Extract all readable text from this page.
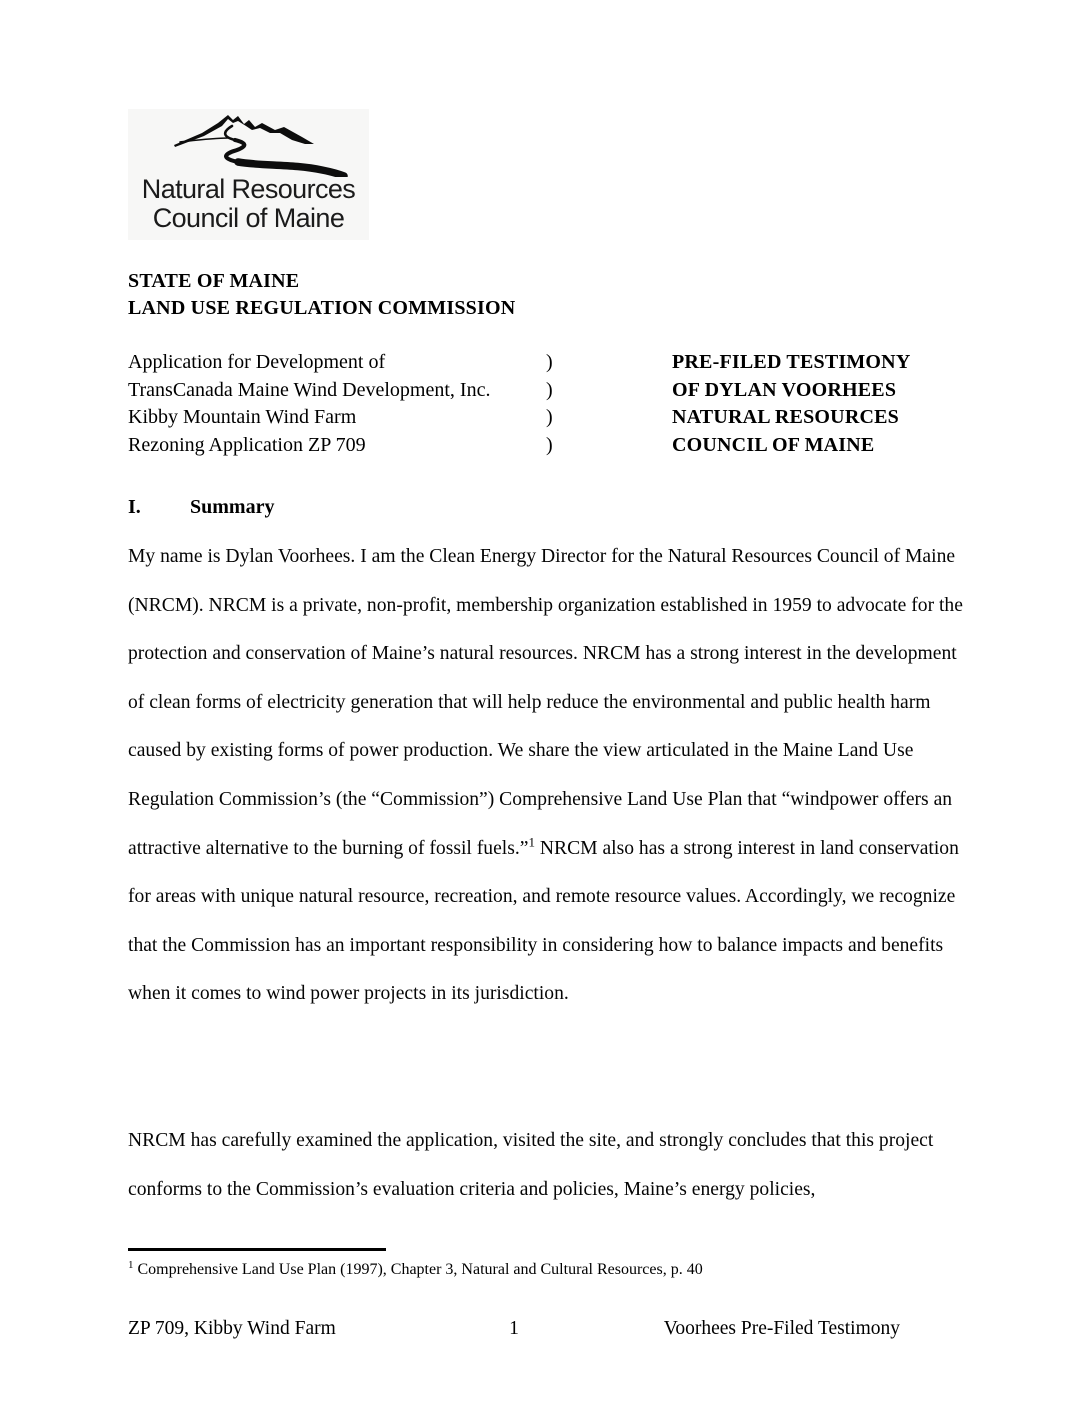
Natural Resources
Council of Maine
STATE OF MAINE
LAND USE REGULATION COMMISSION
Application for Development of	)	PRE-FILED TESTIMONY
TransCanada Maine Wind Development, Inc.	)	OF DYLAN VOORHEES
Kibby Mountain Wind Farm	)	NATURAL RESOURCES
Rezoning Application ZP 709	)	COUNCIL OF MAINE
I. Summary

My name is Dylan Voorhees. I am the Clean Energy Director for the Natural Resources Council of Maine (NRCM). NRCM is a private, non-profit, membership organization established in 1959 to advocate for the protection and conservation of Maine’s natural resources. NRCM has a strong interest in the development of clean forms of electricity generation that will help reduce the environmental and public health harm caused by existing forms of power production. We share the view articulated in the Maine Land Use Regulation Commission’s (the “Commission”) Comprehensive Land Use Plan that “windpower offers an attractive alternative to the burning of fossil fuels.”$^1$ NRCM also has a strong interest in land conservation for areas with unique natural resource, recreation, and remote resource values. Accordingly, we recognize that the Commission has an important responsibility in considering how to balance impacts and benefits when it comes to wind power projects in its jurisdiction.

NRCM has carefully examined the application, visited the site, and strongly concludes that this project conforms to the Commission’s evaluation criteria and policies, Maine’s energy policies,

$^1$ Comprehensive Land Use Plan (1997), Chapter 3, Natural and Cultural Resources, p. 40
ZP 709, Kibby Wind Farm	1	Voorhees Pre-Filed Testimony
